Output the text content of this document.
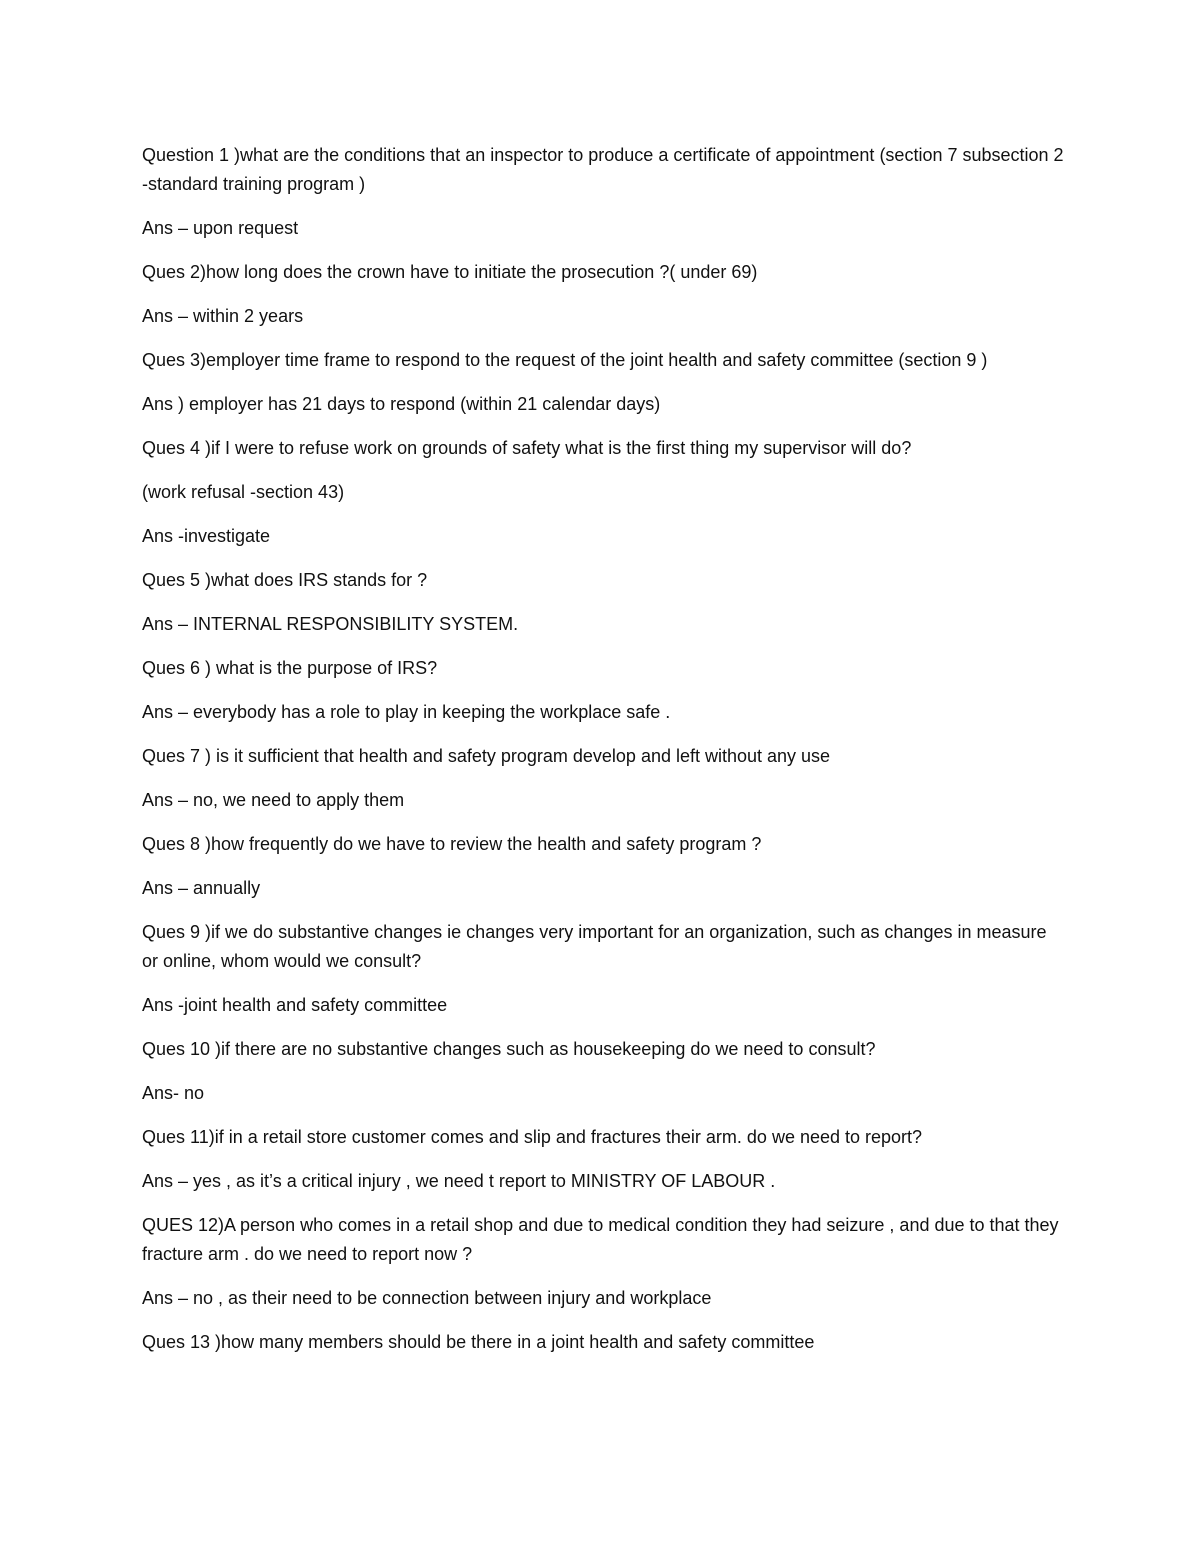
Question 1 )what are the conditions that an inspector to produce a certificate of appointment (section 7 subsection 2 -standard training program )

Ans – upon request

Ques 2)how long does the crown have to initiate the prosecution ?( under 69)

Ans – within 2 years

Ques 3)employer time frame to respond to the request of the joint health and safety committee (section 9 )

Ans ) employer has 21 days to respond (within 21 calendar days)

Ques 4 )if I were to refuse work on grounds of safety what is the first thing my supervisor will do?

(work refusal -section 43)

Ans -investigate

Ques 5 )what does IRS stands for ?

Ans – INTERNAL RESPONSIBILITY SYSTEM.

Ques 6 ) what is the purpose of IRS?

Ans – everybody has a role to play in keeping the workplace safe .

Ques 7 ) is it sufficient that health and safety program develop and left without any use

Ans – no, we need to apply them

Ques 8 )how frequently do we have to review the health and safety program ?

Ans – annually

Ques 9 )if we do substantive changes ie changes very important for an organization, such as changes in measure or online, whom would we consult?

Ans -joint health and safety committee

Ques 10 )if there are no substantive changes such as housekeeping do we need to consult?

Ans- no

Ques 11)if in a retail store customer comes and slip and fractures their arm. do we need to report?

Ans – yes , as it’s a critical injury , we need t report to MINISTRY OF LABOUR .

QUES 12)A person who comes in a retail shop and due to medical condition they had seizure , and due to that they fracture arm . do we need to report now ?

Ans – no , as their need to be connection between injury and workplace

Ques 13 )how many members should be there in a joint health and safety committee
